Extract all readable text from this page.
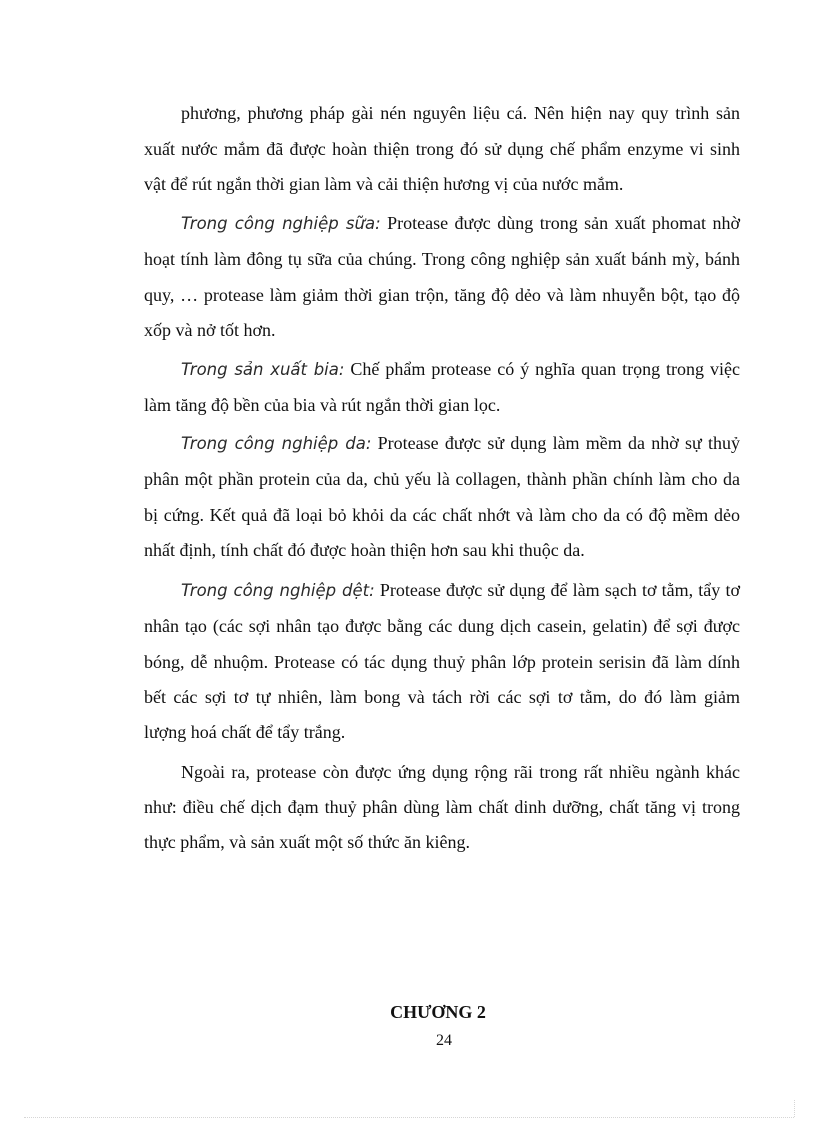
phương, phương pháp gài nén nguyên liệu cá. Nên hiện nay quy trình sản
xuất nước mắm đã được hoàn thiện trong đó sử dụng chế phẩm enzyme vi sinh
vật để rút ngắn thời gian làm và cải thiện hương vị của nước mắm.
Trong công nghiệp sữa: Protease được dùng trong sản xuất phomat nhờ
hoạt tính làm đông tụ sữa của chúng. Trong công nghiệp sản xuất bánh mỳ, bánh
quy, … protease làm giảm thời gian trộn, tăng độ dẻo và làm nhuyễn bột, tạo độ
xốp và nở tốt hơn.
Trong sản xuất bia: Chế phẩm protease có ý nghĩa quan trọng trong việc
làm tăng độ bền của bia và rút ngắn thời gian lọc.
Trong công nghiệp da: Protease được sử dụng làm mềm da nhờ sự thuỷ
phân một phần protein của da, chủ yếu là collagen, thành phần chính làm cho da
bị cứng. Kết quả đã loại bỏ khỏi da các chất nhớt và làm cho da có độ mềm dẻo
nhất định, tính chất đó được hoàn thiện hơn sau khi thuộc da.
Trong công nghiệp dệt: Protease được sử dụng để làm sạch tơ tằm, tẩy tơ
nhân tạo (các sợi nhân tạo được bằng các dung dịch casein, gelatin) để sợi được
bóng, dễ nhuộm. Protease có tác dụng thuỷ phân lớp protein serisin đã làm dính
bết các sợi tơ tự nhiên, làm bong và tách rời các sợi tơ tằm, do đó làm giảm
lượng hoá chất để tẩy trắng.
Ngoài ra, protease còn được ứng dụng rộng rãi trong rất nhiều ngành khác
như: điều chế dịch đạm thuỷ phân dùng làm chất dinh dưỡng, chất tăng vị trong
thực phẩm, và sản xuất một số thức ăn kiêng.
CHƯƠNG 2
24
